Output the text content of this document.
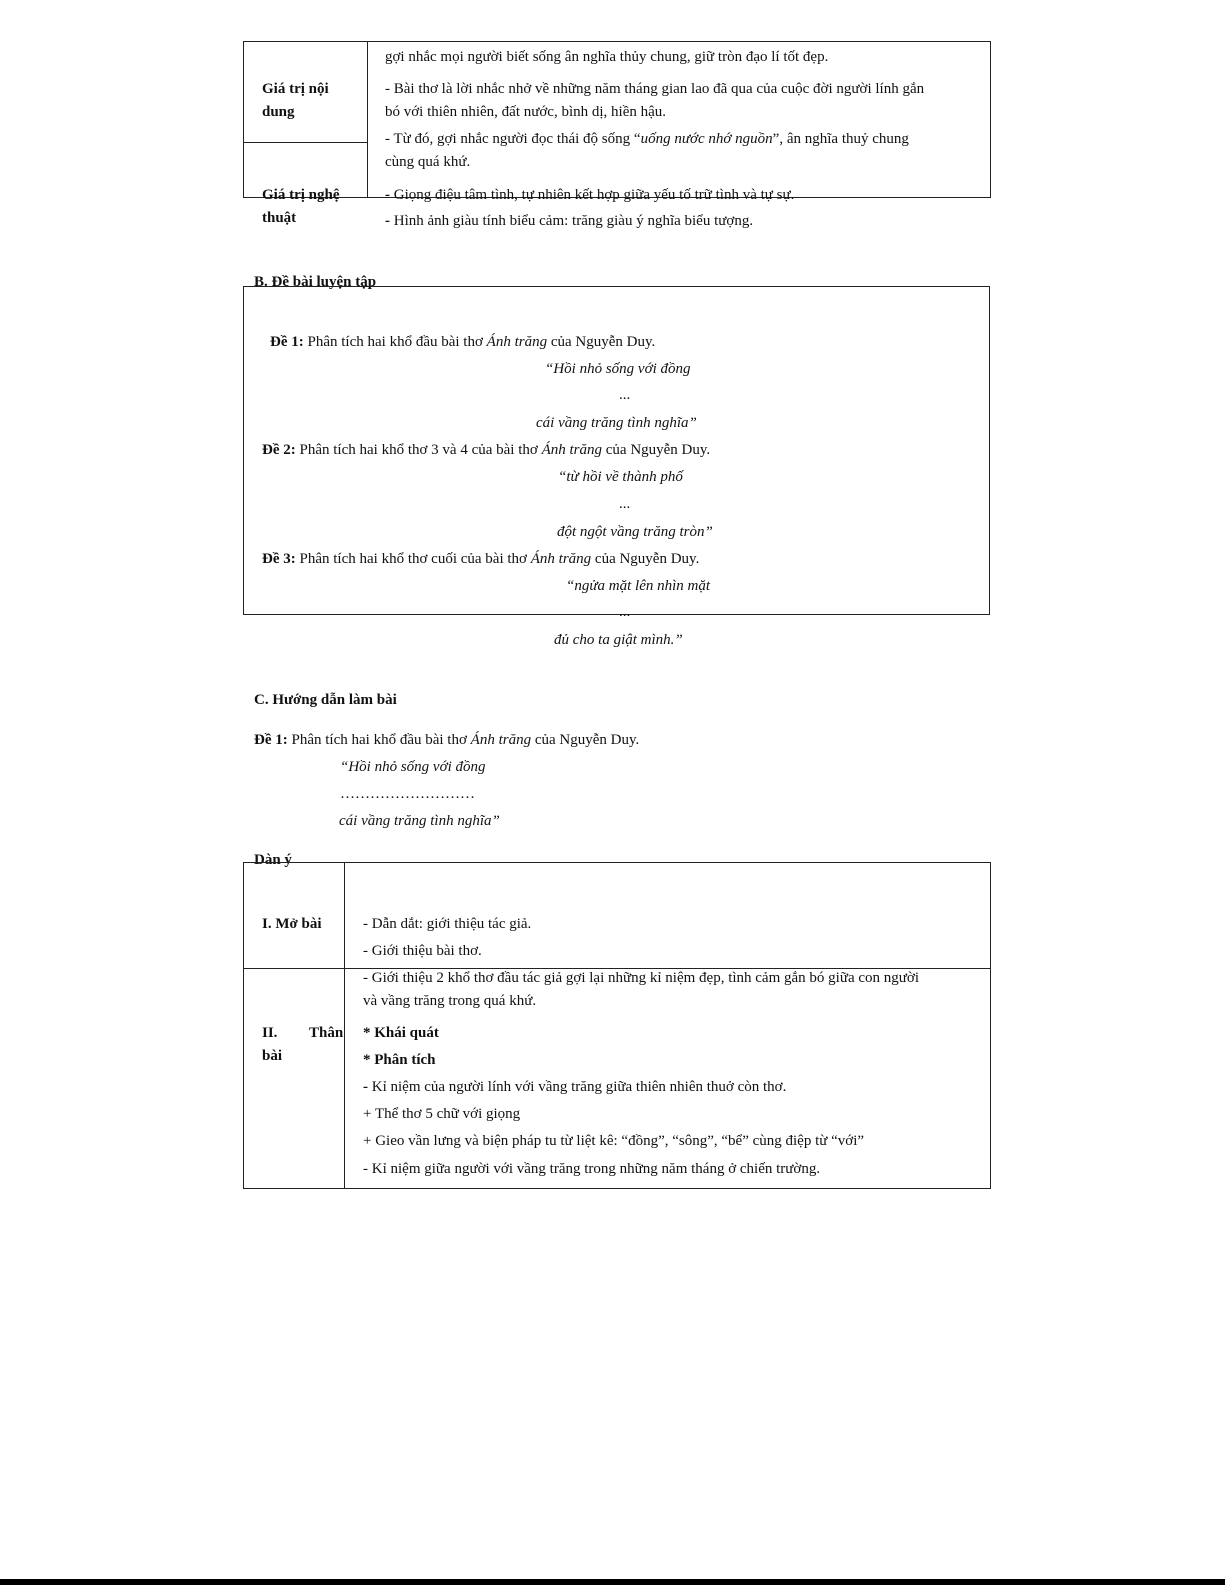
Giá trị nội
dung
gợi nhắc mọi người biết sống ân nghĩa thủy chung, giữ tròn đạo lí tốt đẹp.
- Bài thơ là lời nhắc nhở về những năm tháng gian lao đã qua của cuộc đời người lính gắn
bó với thiên nhiên, đất nước, bình dị, hiền hậu.
- Từ đó, gợi nhắc người đọc thái độ sống “uống nước nhớ nguồn”, ân nghĩa thuỷ chung
cùng quá khứ.
Giá trị nghệ
thuật
- Giọng điệu tâm tình, tự nhiên kết hợp giữa yếu tố trữ tình và tự sự.
- Hình ảnh giàu tính biểu cảm: trăng giàu ý nghĩa biểu tượng.
B. Đề bài luyện tập
Đề 1: Phân tích hai khổ đầu bài thơ Ánh trăng của Nguyễn Duy.
“Hồi nhỏ sống với đồng
...
cái vầng trăng tình nghĩa”
Đề 2: Phân tích hai khổ thơ 3 và 4 của bài thơ Ánh trăng của Nguyễn Duy.
“từ hồi về thành phố
...
đột ngột vầng trăng tròn”
Đề 3: Phân tích hai khổ thơ cuối của bài thơ Ánh trăng của Nguyễn Duy.
“ngửa mặt lên nhìn mặt
...
đủ cho ta giật mình.”
C. Hướng dẫn làm bài
Đề 1: Phân tích hai khổ đầu bài thơ Ánh trăng của Nguyễn Duy.
“Hồi nhỏ sống với đồng
………………………
cái vầng trăng tình nghĩa”
Dàn ý
I. Mở bài	- Dẫn dắt: giới thiệu tác giả.
- Giới thiệu bài thơ.
II. Thân
bài
- Giới thiệu 2 khổ thơ đầu tác giả gợi lại những kỉ niệm đẹp, tình cảm gắn bó giữa con người
và vầng trăng trong quá khứ.
* Khái quát
* Phân tích
- Kỉ niệm của người lính với vầng trăng giữa thiên nhiên thuở còn thơ.
+ Thể thơ 5 chữ với giọng
+ Gieo vần lưng và biện pháp tu từ liệt kê: “đồng”, “sông”, “bể” cùng điệp từ “với”
- Kỉ niệm giữa người với vầng trăng trong những năm tháng ở chiến trường.
